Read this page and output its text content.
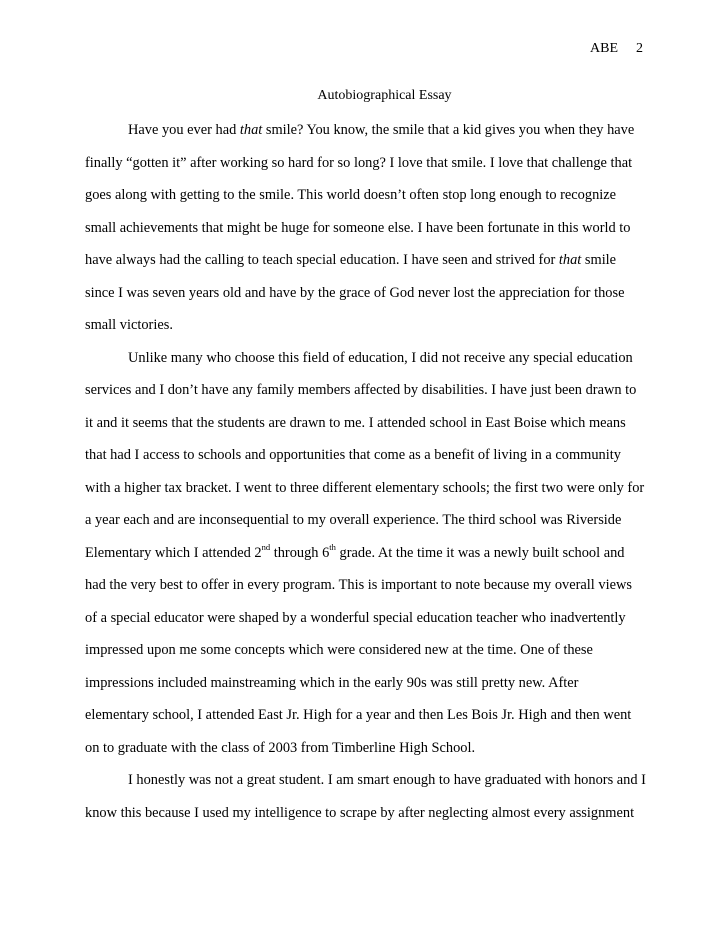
ABE 2
Autobiographical Essay
Have you ever had that smile? You know, the smile that a kid gives you when they have
finally “gotten it” after working so hard for so long? I love that smile. I love that challenge that
goes along with getting to the smile. This world doesn’t often stop long enough to recognize
small achievements that might be huge for someone else. I have been fortunate in this world to
have always had the calling to teach special education. I have seen and strived for that smile
since I was seven years old and have by the grace of God never lost the appreciation for those
small victories.
Unlike many who choose this field of education, I did not receive any special education
services and I don’t have any family members affected by disabilities. I have just been drawn to
it and it seems that the students are drawn to me. I attended school in East Boise which means
that had I access to schools and opportunities that come as a benefit of living in a community
with a higher tax bracket. I went to three different elementary schools; the first two were only for
a year each and are inconsequential to my overall experience. The third school was Riverside
Elementary which I attended 2nd through 6th grade. At the time it was a newly built school and
had the very best to offer in every program. This is important to note because my overall views
of a special educator were shaped by a wonderful special education teacher who inadvertently
impressed upon me some concepts which were considered new at the time. One of these
impressions included mainstreaming which in the early 90s was still pretty new. After
elementary school, I attended East Jr. High for a year and then Les Bois Jr. High and then went
on to graduate with the class of 2003 from Timberline High School.
I honestly was not a great student. I am smart enough to have graduated with honors and I
know this because I used my intelligence to scrape by after neglecting almost every assignment
